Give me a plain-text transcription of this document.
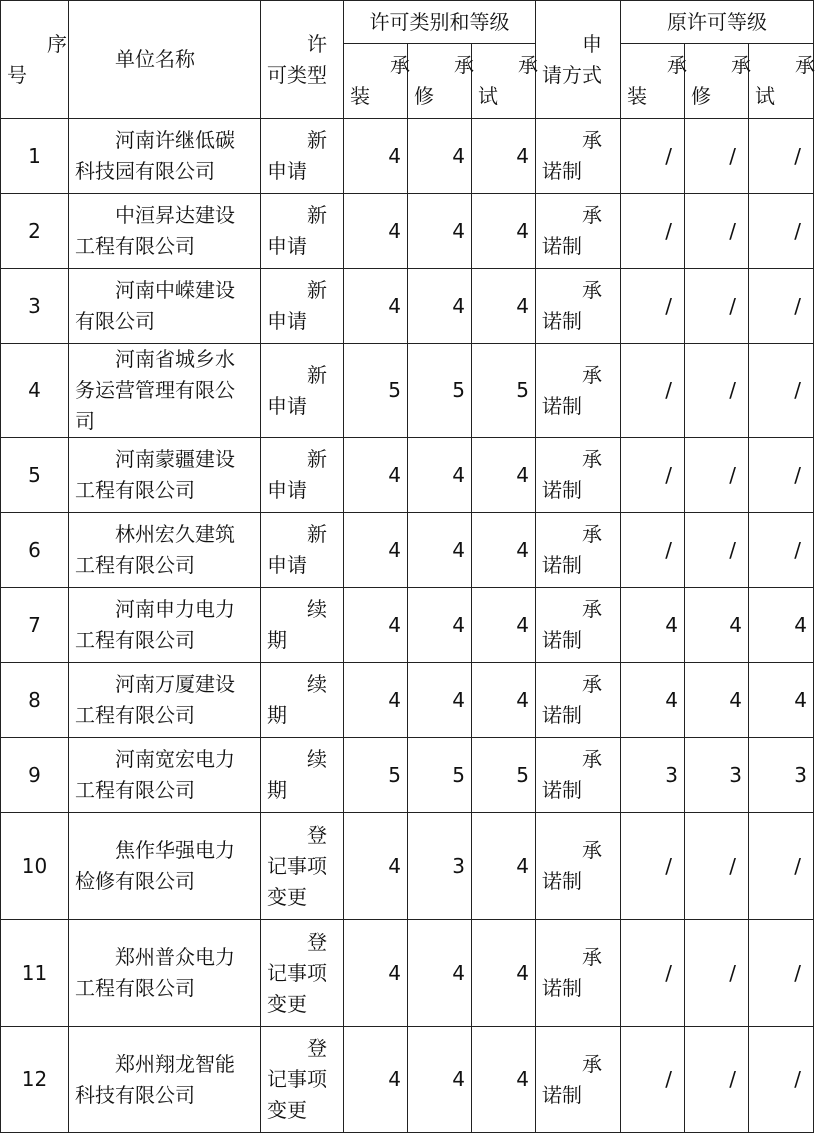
序号	单位名称	许可类型	许可类别和等级			申请方式	原许可等级		
			承装	承修	承试		承装	承修	承试
1	河南许继低碳科技园有限公司	新申请	4	4	4	承诺制	/	/	/
2	中洹昇达建设工程有限公司	新申请	4	4	4	承诺制	/	/	/
3	河南中嵘建设有限公司	新申请	4	4	4	承诺制	/	/	/
4	河南省城乡水务运营管理有限公司	新申请	5	5	5	承诺制	/	/	/
5	河南蒙疆建设工程有限公司	新申请	4	4	4	承诺制	/	/	/
6	林州宏久建筑工程有限公司	新申请	4	4	4	承诺制	/	/	/
7	河南申力电力工程有限公司	续期	4	4	4	承诺制	4	4	4
8	河南万厦建设工程有限公司	续期	4	4	4	承诺制	4	4	4
9	河南宽宏电力工程有限公司	续期	5	5	5	承诺制	3	3	3
10	焦作华强电力检修有限公司	登记事项变更	4	3	4	承诺制	/	/	/
11	郑州普众电力工程有限公司	登记事项变更	4	4	4	承诺制	/	/	/
12	郑州翔龙智能科技有限公司	登记事项变更	4	4	4	承诺制	/	/	/
